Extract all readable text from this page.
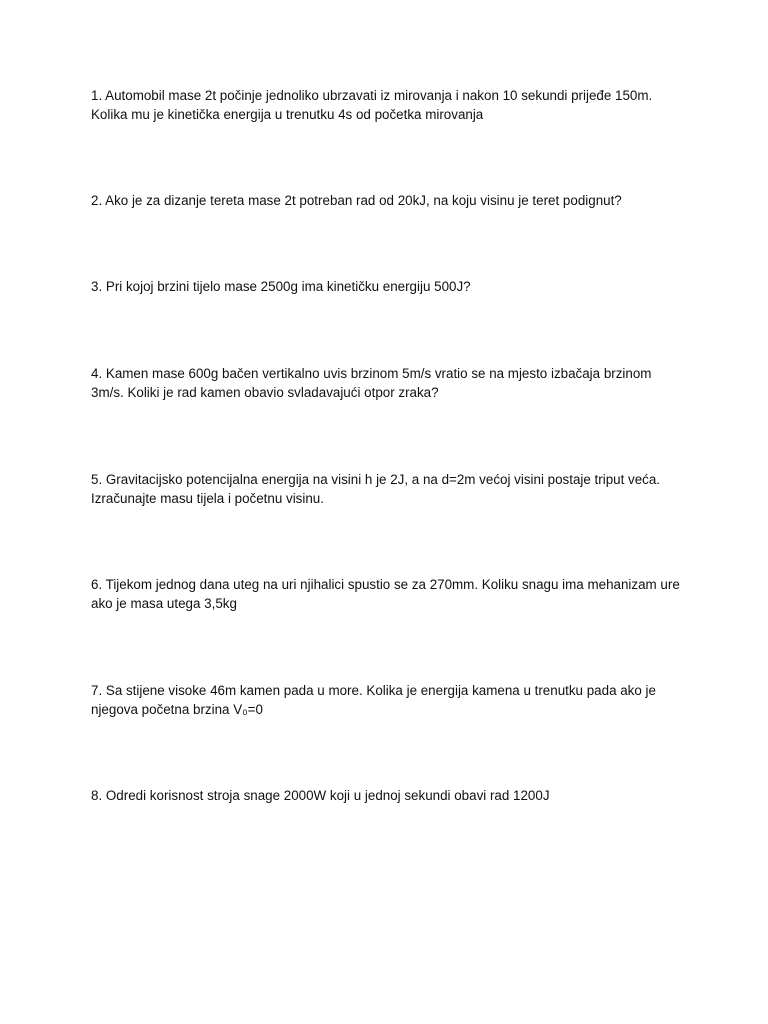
1. Automobil mase 2t počinje jednoliko ubrzavati iz mirovanja i nakon 10 sekundi prijeđe 150m. Kolika mu je kinetička energija u trenutku 4s od početka mirovanja

2. Ako je za dizanje tereta mase 2t potreban rad od 20kJ, na koju visinu je teret podignut?

3. Pri kojoj brzini tijelo mase 2500g ima kinetičku energiju 500J?

4. Kamen mase 600g bačen vertikalno uvis brzinom 5m/s vratio se na mjesto izbačaja brzinom 3m/s. Koliki je rad kamen obavio svladavajući otpor zraka?

5. Gravitacijsko potencijalna energija na visini h je 2J, a na d=2m većoj visini postaje triput veća. Izračunajte masu tijela i početnu visinu.

6. Tijekom jednog dana uteg na uri njihalici spustio se za 270mm. Koliku snagu ima mehanizam ure ako je masa utega 3,5kg

7. Sa stijene visoke 46m kamen pada u more. Kolika je energija kamena u trenutku pada ako je njegova početna brzina V₀=0

8. Odredi korisnost stroja snage 2000W koji u jednoj sekundi obavi rad 1200J
